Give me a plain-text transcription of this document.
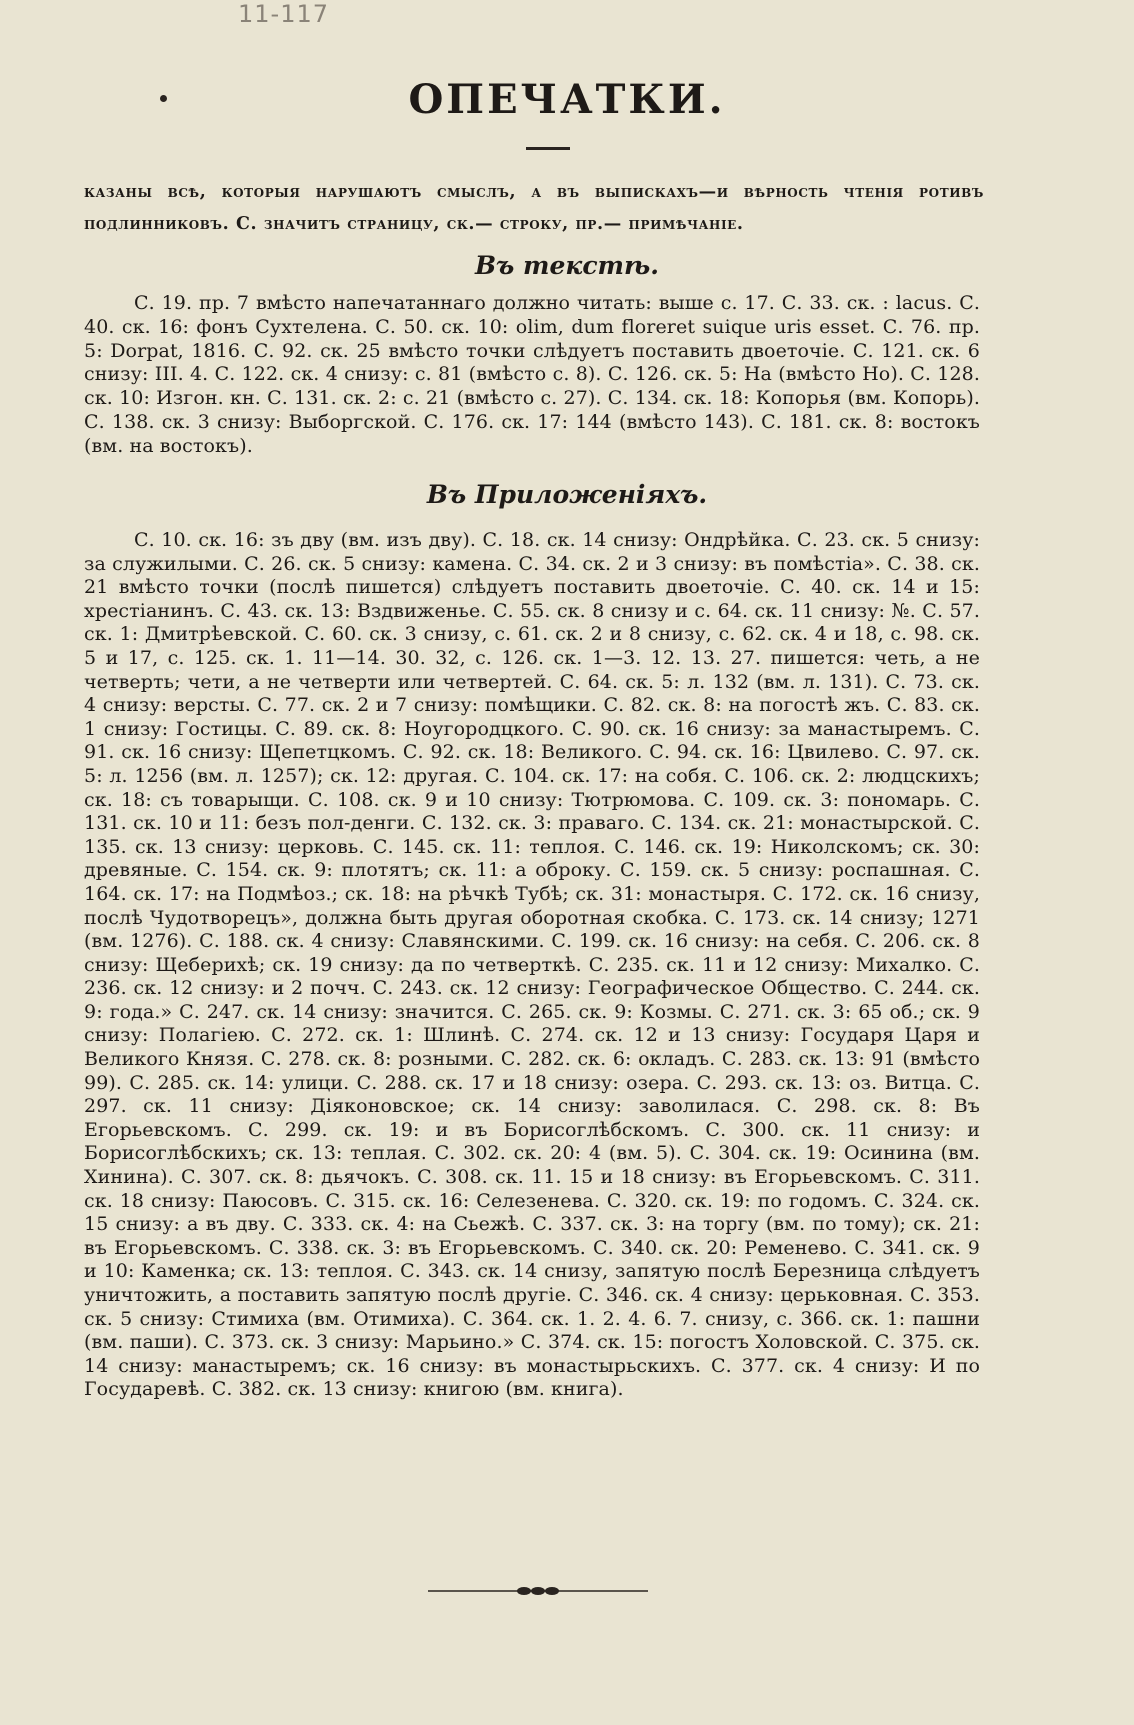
11-117
ОПЕЧАТКИ.

казаны всѣ, которыя нарушаютъ смыслъ, а въ выпискахъ—и вѣрность чтенія ротивъ подлинниковъ. С. значитъ страницу, ск.— строку, пр.— примѣчаніе.

Въ текстѣ.

С. 19. пр. 7 вмѣсто напечатаннаго должно читать: выше с. 17. С. 33. ск. : lacus. С. 40. ск. 16: фонъ Сухтелена. С. 50. ск. 10: olim, dum floreret suique uris esset. С. 76. пр. 5: Dorpat, 1816. С. 92. ск. 25 вмѣсто точки слѣдуетъ поставить двоеточіе. С. 121. ск. 6 снизу: III. 4. С. 122. ск. 4 снизу: с. 81 (вмѣсто с. 8). С. 126. ск. 5: На (вмѣсто Но). С. 128. ск. 10: Изгон. кн. С. 131. ск. 2: с. 21 (вмѣсто с. 27). С. 134. ск. 18: Копорья (вм. Копорь). С. 138. ск. 3 снизу: Выборгской. С. 176. ск. 17: 144 (вмѣсто 143). С. 181. ск. 8: востокъ (вм. на востокъ).

Въ Приложеніяхъ.

С. 10. ск. 16: зъ дву (вм. изъ дву). С. 18. ск. 14 снизу: Ондрѣйка. С. 23. ск. 5 снизу: за служилыми. С. 26. ск. 5 снизу: камена. С. 34. ск. 2 и 3 снизу: въ помѣстіа». С. 38. ск. 21 вмѣсто точки (послѣ пишется) слѣдуетъ поставить двоеточіе. С. 40. ск. 14 и 15: хрестіанинъ. С. 43. ск. 13: Вздвиженье. С. 55. ск. 8 снизу и с. 64. ск. 11 снизу: №. С. 57. ск. 1: Дмитрѣевской. С. 60. ск. 3 снизу, с. 61. ск. 2 и 8 снизу, с. 62. ск. 4 и 18, с. 98. ск. 5 и 17, с. 125. ск. 1. 11—14. 30. 32, с. 126. ск. 1—3. 12. 13. 27. пишется: четь, а не четверть; чети, а не четверти или четвертей. С. 64. ск. 5: л. 132 (вм. л. 131). С. 73. ск. 4 снизу: версты. С. 77. ск. 2 и 7 снизу: помѣщики. С. 82. ск. 8: на погостѣ жъ. С. 83. ск. 1 снизу: Гостицы. С. 89. ск. 8: Ноугородцкого. С. 90. ск. 16 снизу: за манастыремъ. С. 91. ск. 16 снизу: Щепетцкомъ. С. 92. ск. 18: Великого. С. 94. ск. 16: Цвилево. С. 97. ск. 5: л. 1256 (вм. л. 1257); ск. 12: другая. С. 104. ск. 17: на собя. С. 106. ск. 2: людцскихъ; ск. 18: съ товарыщи. С. 108. ск. 9 и 10 снизу: Тютрюмова. С. 109. ск. 3: пономарь. С. 131. ск. 10 и 11: безъ пол-денги. С. 132. ск. 3: праваго. С. 134. ск. 21: монастырской. С. 135. ск. 13 снизу: церковь. С. 145. ск. 11: теплоя. С. 146. ск. 19: Николскомъ; ск. 30: древяные. С. 154. ск. 9: плотятъ; ск. 11: а оброку. С. 159. ск. 5 снизу: роспашная. С. 164. ск. 17: на Подмѣоз.; ск. 18: на рѣчкѣ Тубѣ; ск. 31: монастыря. С. 172. ск. 16 снизу, послѣ Чудотворецъ», должна быть другая оборотная скобка. С. 173. ск. 14 снизу; 1271 (вм. 1276). С. 188. ск. 4 снизу: Славянскими. С. 199. ск. 16 снизу: на себя. С. 206. ск. 8 снизу: Щеберихѣ; ск. 19 снизу: да по четверткѣ. С. 235. ск. 11 и 12 снизу: Михалко. С. 236. ск. 12 снизу: и 2 почч. С. 243. ск. 12 снизу: Географическое Общество. С. 244. ск. 9: года.» С. 247. ск. 14 снизу: значится. С. 265. ск. 9: Козмы. С. 271. ск. 3: 65 об.; ск. 9 снизу: Полагіею. С. 272. ск. 1: Шлинѣ. С. 274. ск. 12 и 13 снизу: Государя Царя и Великого Князя. С. 278. ск. 8: розными. С. 282. ск. 6: окладъ. С. 283. ск. 13: 91 (вмѣсто 99). С. 285. ск. 14: улици. С. 288. ск. 17 и 18 снизу: озера. С. 293. ск. 13: оз. Витца. С. 297. ск. 11 снизу: Діяконовское; ск. 14 снизу: заволилася. С. 298. ск. 8: Въ Егорьевскомъ. С. 299. ск. 19: и въ Борисоглѣбскомъ. С. 300. ск. 11 снизу: и Борисоглѣбскихъ; ск. 13: теплая. С. 302. ск. 20: 4 (вм. 5). С. 304. ск. 19: Осинина (вм. Хинина). С. 307. ск. 8: дьячокъ. С. 308. ск. 11. 15 и 18 снизу: въ Егорьевскомъ. С. 311. ск. 18 снизу: Паюсовъ. С. 315. ск. 16: Селезенева. С. 320. ск. 19: по годомъ. С. 324. ск. 15 снизу: а въ дву. С. 333. ск. 4: на Сьежѣ. С. 337. ск. 3: на торгу (вм. по тому); ск. 21: въ Егорьевскомъ. С. 338. ск. 3: въ Егорьевскомъ. С. 340. ск. 20: Ременево. С. 341. ск. 9 и 10: Каменка; ск. 13: теплоя. С. 343. ск. 14 снизу, запятую послѣ Березница слѣдуетъ уничтожить, а поставить запятую послѣ другіе. С. 346. ск. 4 снизу: церьковная. С. 353. ск. 5 снизу: Стимиха (вм. Отимиха). С. 364. ск. 1. 2. 4. 6. 7. снизу, с. 366. ск. 1: пашни (вм. паши). С. 373. ск. 3 снизу: Марьино.» С. 374. ск. 15: погостъ Холовской. С. 375. ск. 14 снизу: манастыремъ; ск. 16 снизу: въ монастырьскихъ. С. 377. ск. 4 снизу: И по Государевѣ. С. 382. ск. 13 снизу: книгою (вм. книга).
